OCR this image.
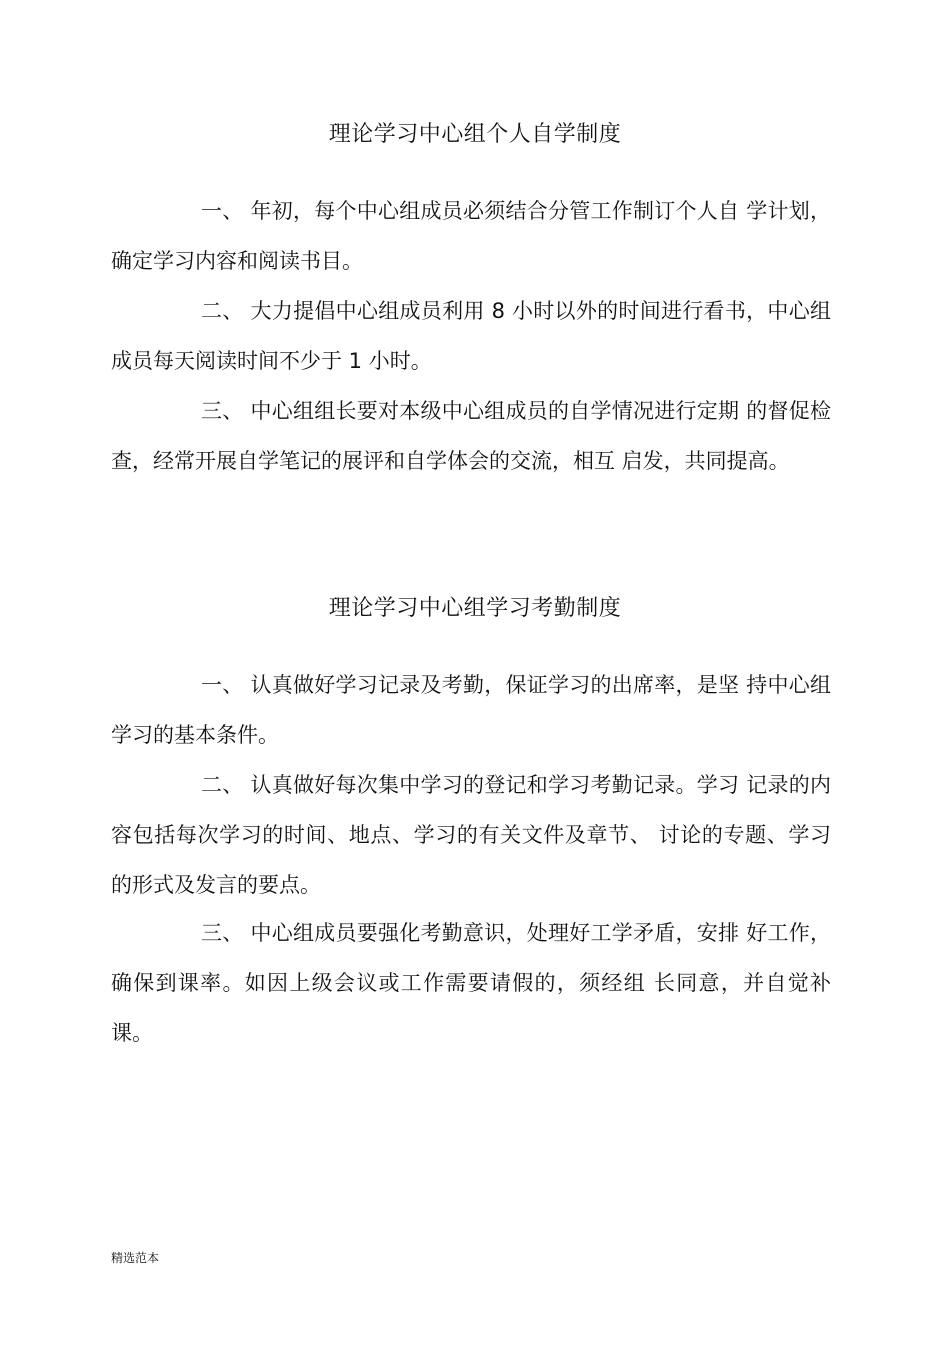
理论学习中心组个人自学制度

一、 年初，每个中心组成员必须结合分管工作制订个人自 学计划，确定学习内容和阅读书目。

二、 大力提倡中心组成员利用 8 小时以外的时间进行看书，中心组成员每天阅读时间不少于 1 小时。

三、 中心组组长要对本级中心组成员的自学情况进行定期 的督促检查，经常开展自学笔记的展评和自学体会的交流，相互 启发，共同提高。

理论学习中心组学习考勤制度

一、 认真做好学习记录及考勤，保证学习的出席率，是坚 持中心组学习的基本条件。

二、 认真做好每次集中学习的登记和学习考勤记录。学习 记录的内容包括每次学习的时间、地点、学习的有关文件及章节、 讨论的专题、学习的形式及发言的要点。

三、 中心组成员要强化考勤意识，处理好工学矛盾，安排 好工作，确保到课率。如因上级会议或工作需要请假的，须经组 长同意，并自觉补课。

精选范本
